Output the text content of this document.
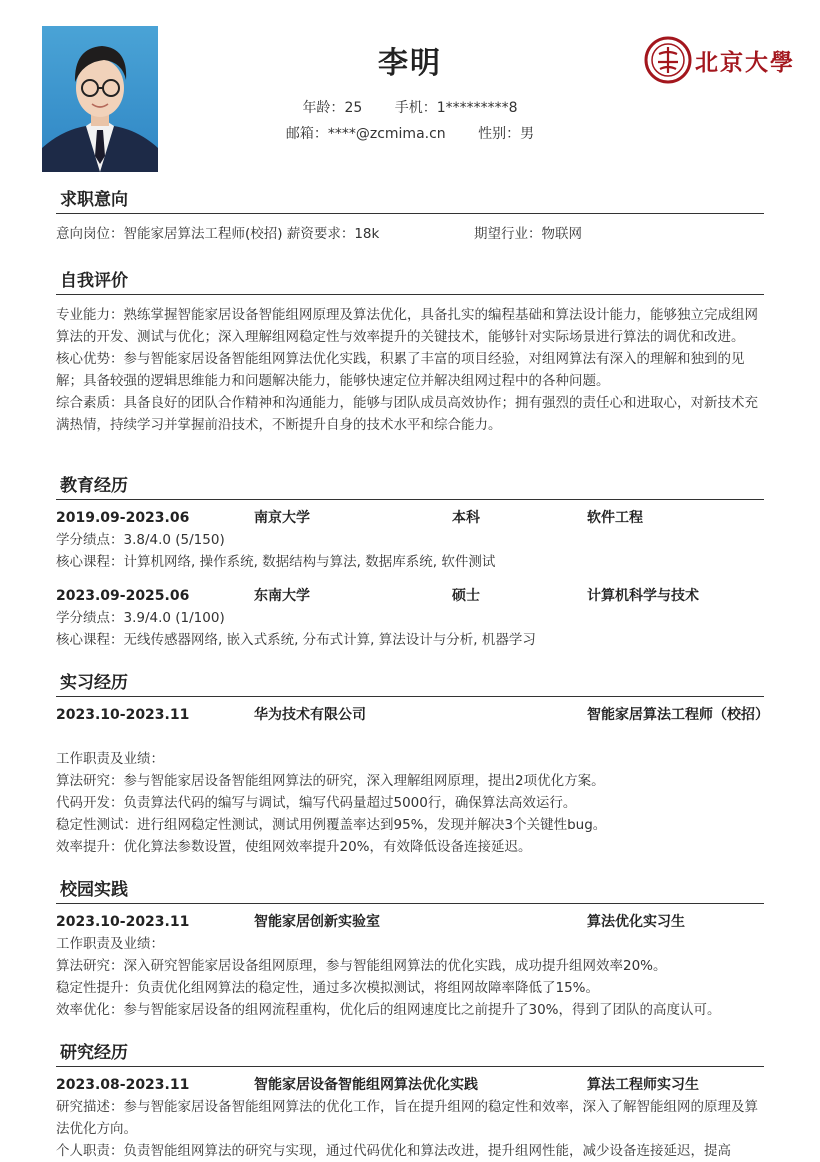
李明
年龄：25 手机：1*********8
邮箱：****@zcmima.cn 性别：男
北京大學
求职意向
意向岗位：智能家居算法工程师(校招) 薪资要求：18k	期望行业：物联网
自我评价
专业能力：熟练掌握智能家居设备智能组网原理及算法优化，具备扎实的编程基础和算法设计能力，能够独立完成组网算法的开发、测试与优化；深入理解组网稳定性与效率提升的关键技术，能够针对实际场景进行算法的调优和改进。
核心优势：参与智能家居设备智能组网算法优化实践，积累了丰富的项目经验，对组网算法有深入的理解和独到的见解；具备较强的逻辑思维能力和问题解决能力，能够快速定位并解决组网过程中的各种问题。
综合素质：具备良好的团队合作精神和沟通能力，能够与团队成员高效协作；拥有强烈的责任心和进取心，对新技术充满热情，持续学习并掌握前沿技术，不断提升自身的技术水平和综合能力。
教育经历
2019.09-2023.06	南京大学	本科	软件工程
学分绩点：3.8/4.0 (5/150)
核心课程：计算机网络, 操作系统, 数据结构与算法, 数据库系统, 软件测试
2023.09-2025.06	东南大学	硕士	计算机科学与技术
学分绩点：3.9/4.0 (1/100)
核心课程：无线传感器网络, 嵌入式系统, 分布式计算, 算法设计与分析, 机器学习
实习经历
2023.10-2023.11	华为技术有限公司	智能家居算法工程师（校招）
工作职责及业绩：
算法研究：参与智能家居设备智能组网算法的研究，深入理解组网原理，提出2项优化方案。
代码开发：负责算法代码的编写与调试，编写代码量超过5000行，确保算法高效运行。
稳定性测试：进行组网稳定性测试，测试用例覆盖率达到95%，发现并解决3个关键性bug。
效率提升：优化算法参数设置，使组网效率提升20%，有效降低设备连接延迟。
校园实践
2023.10-2023.11	智能家居创新实验室	算法优化实习生
工作职责及业绩：
算法研究：深入研究智能家居设备组网原理，参与智能组网算法的优化实践，成功提升组网效率20%。
稳定性提升：负责优化组网算法的稳定性，通过多次模拟测试，将组网故障率降低了15%。
效率优化：参与智能家居设备的组网流程重构，优化后的组网速度比之前提升了30%，得到了团队的高度认可。
研究经历
2023.08-2023.11	智能家居设备智能组网算法优化实践	算法工程师实习生
研究描述：参与智能家居设备智能组网算法的优化工作，旨在提升组网的稳定性和效率，深入了解智能组网的原理及算法优化方向。
个人职责：负责智能组网算法的研究与实现，通过代码优化和算法改进，提升组网性能，减少设备连接延迟，提高
